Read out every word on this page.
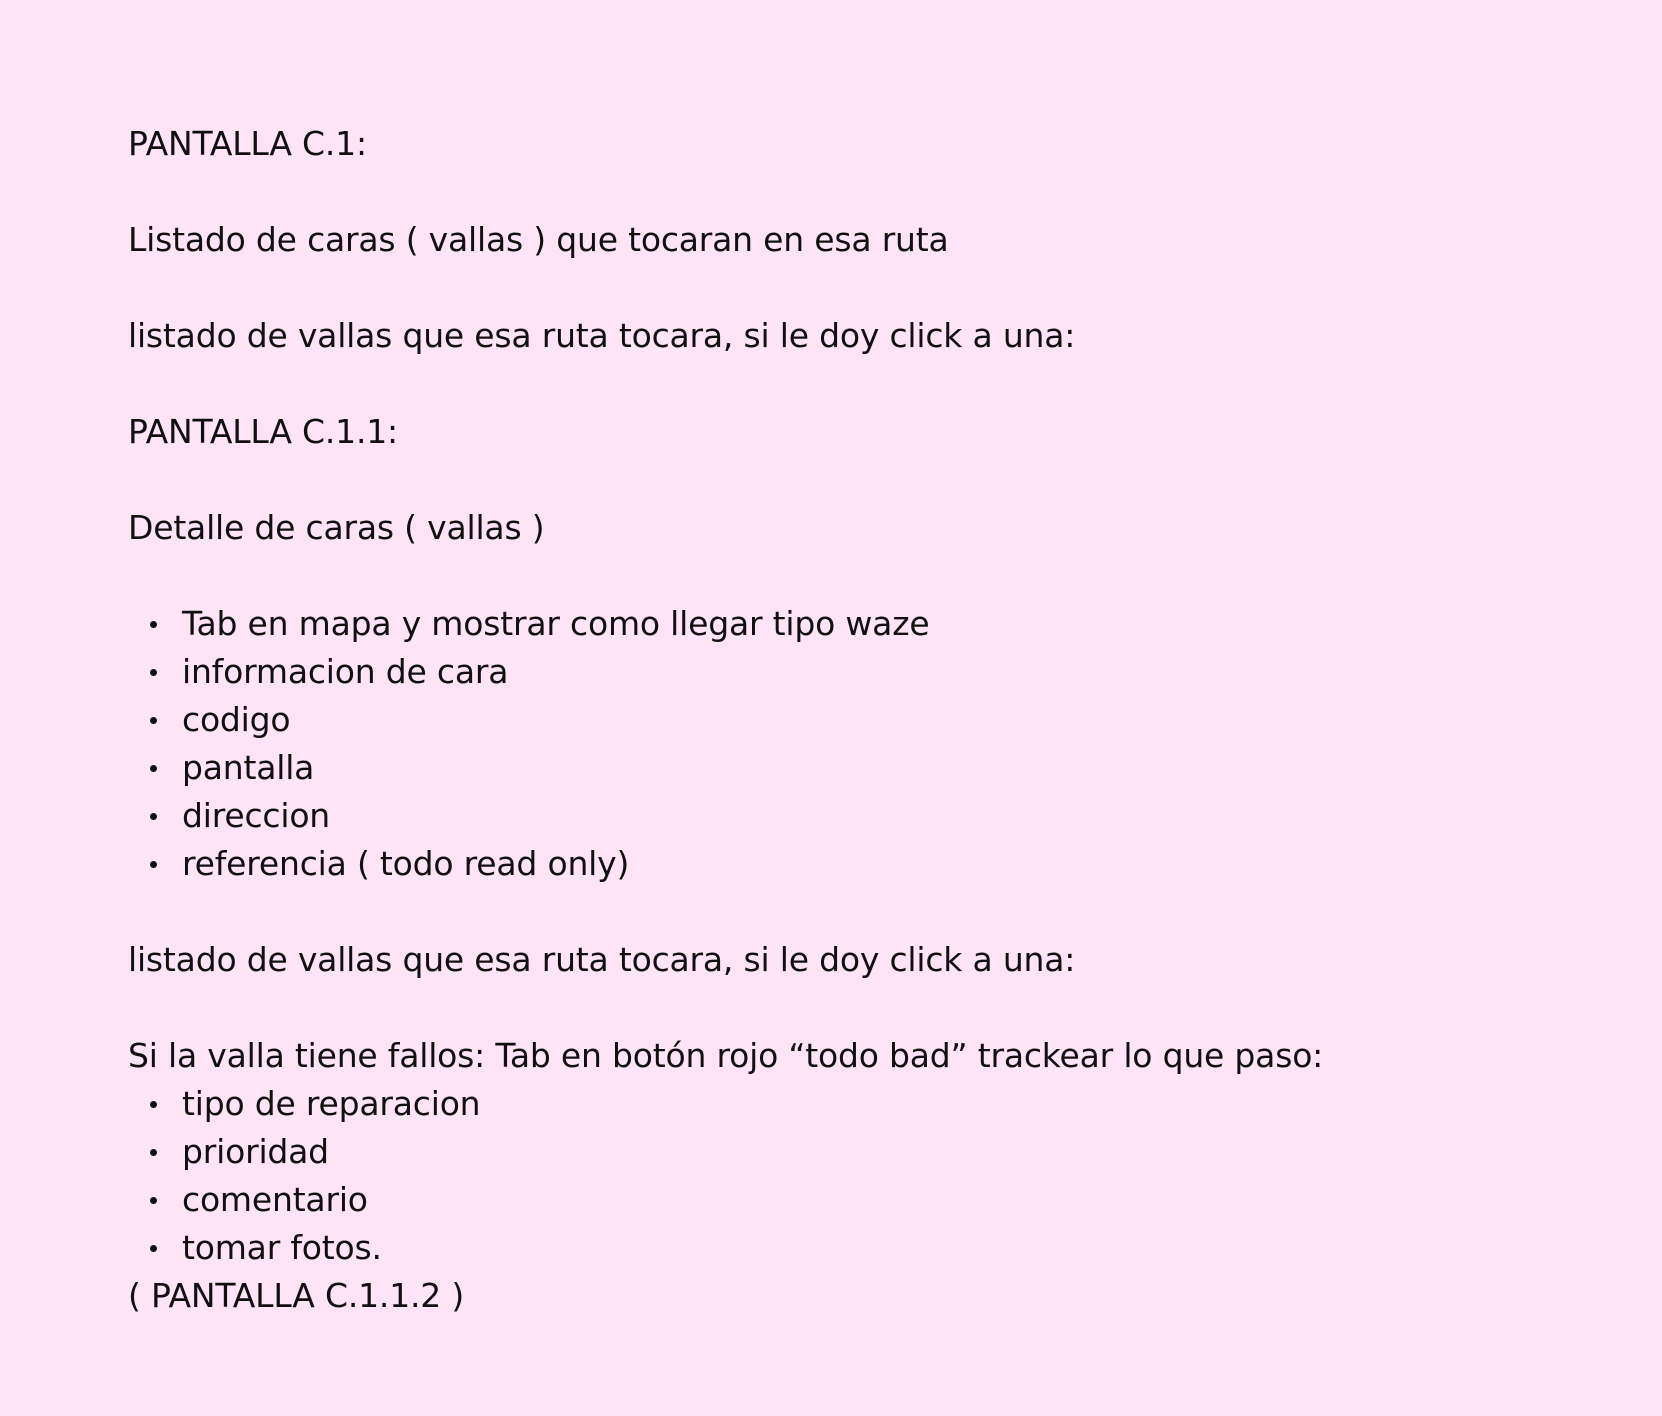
PANTALLA C.1:
Listado de caras ( vallas ) que tocaran en esa ruta
listado de vallas que esa ruta tocara, si le doy click a una:
PANTALLA C.1.1:
Detalle de caras ( vallas )
Tab en mapa y mostrar como llegar tipo waze
informacion de cara
codigo
pantalla
direccion
referencia ( todo read only)
listado de vallas que esa ruta tocara, si le doy click a una:
Si la valla tiene fallos: Tab en botón rojo “todo bad” trackear lo que paso:
tipo de reparacion
prioridad
comentario
tomar fotos.
( PANTALLA C.1.1.2 )
